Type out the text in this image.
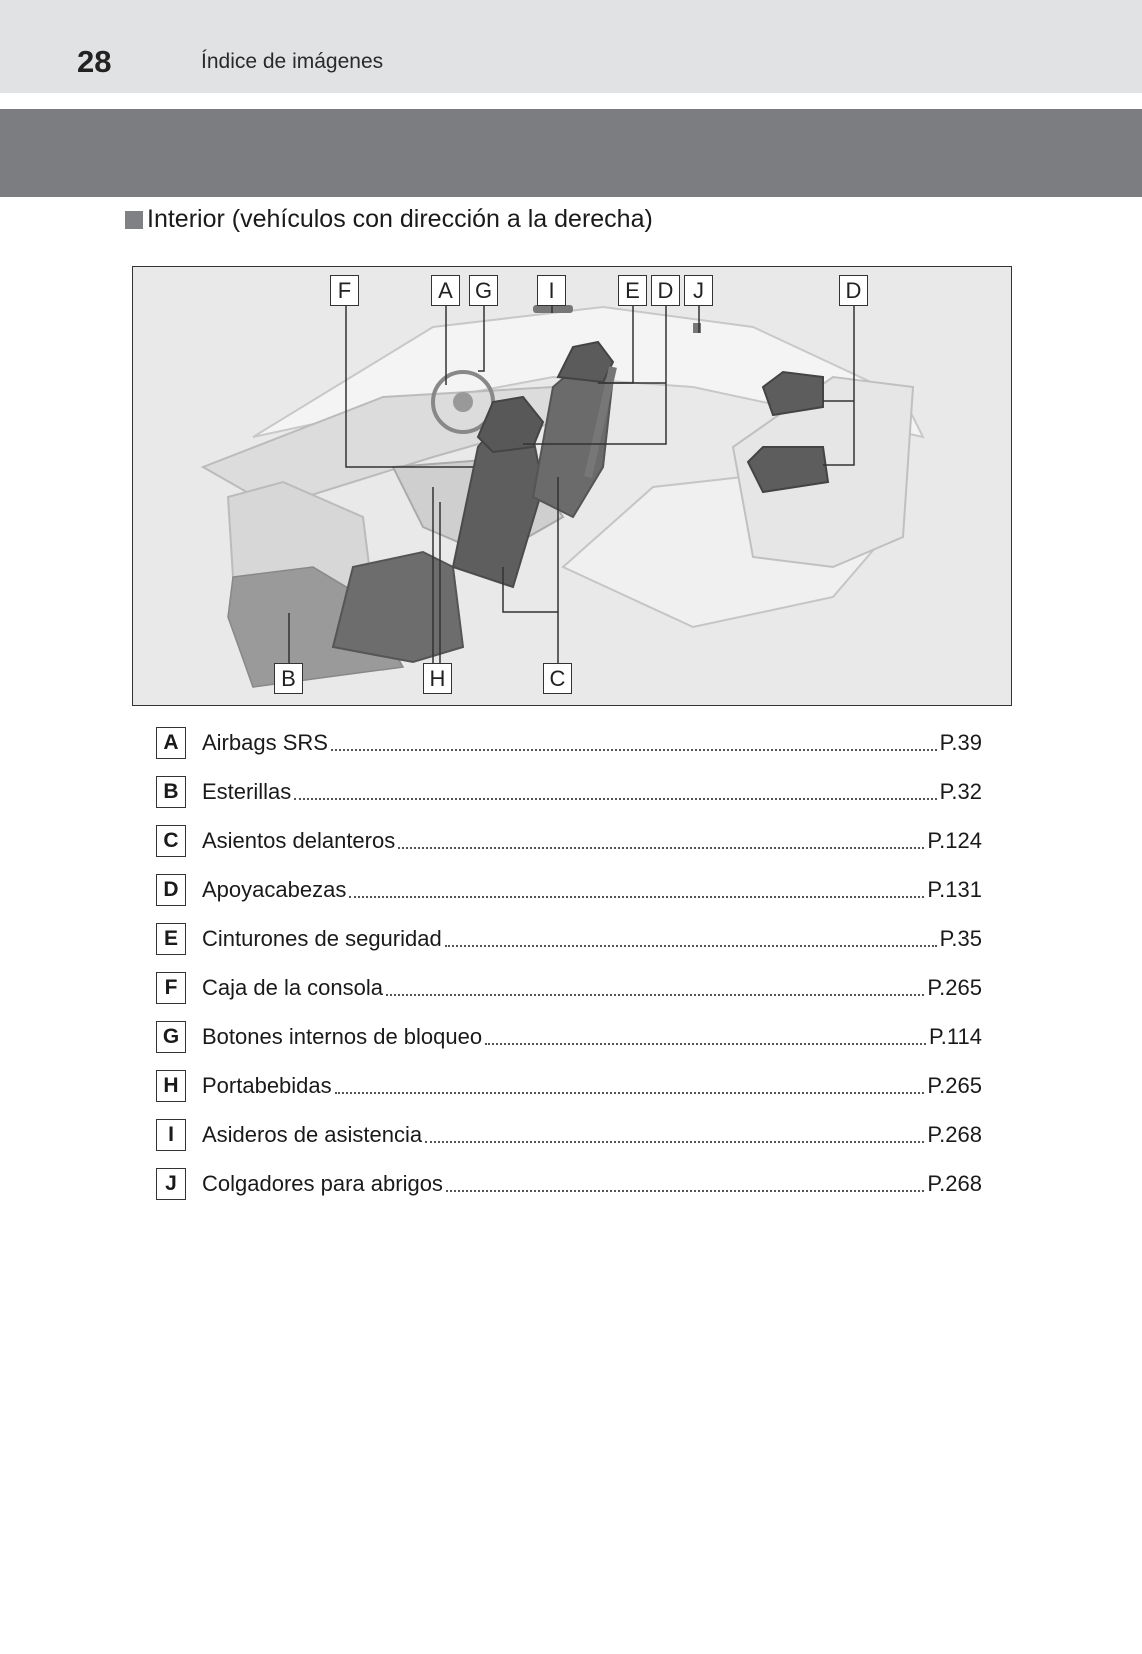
28	Índice de imágenes
Interior (vehículos con dirección a la derecha)
F	A	G	I	E D J	D
B	H	C
A	Airbags SRS	P.39
B	Esterillas	P.32
C	Asientos delanteros	P.124
D	Apoyacabezas	P.131
E	Cinturones de seguridad	P.35
F	Caja de la consola	P.265
G	Botones internos de bloqueo	P.114
H	Portabebidas	P.265
I	Asideros de asistencia	P.268
J	Colgadores para abrigos	P.268
